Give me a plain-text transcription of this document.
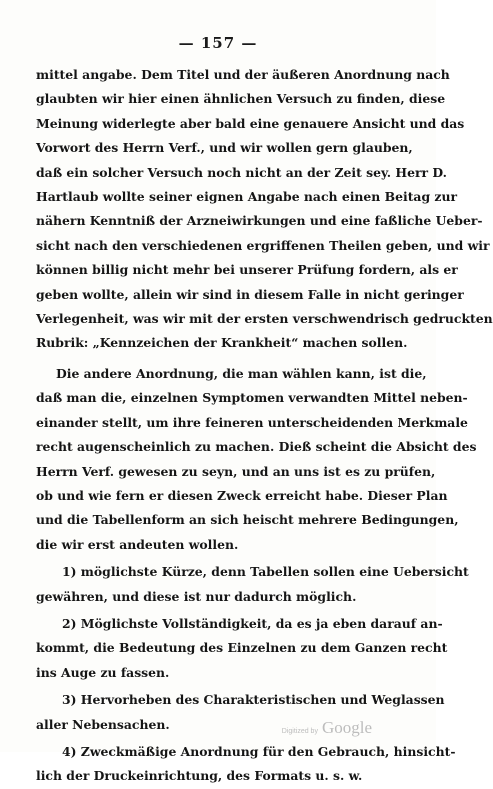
— 157 —
mittel angabe. Dem Titel und der äußeren Anordnung nach
glaubten wir hier einen ähnlichen Versuch zu finden, diese
Meinung widerlegte aber bald eine genauere Ansicht und das
Vorwort des Herrn Verf., und wir wollen gern glauben,
daß ein solcher Versuch noch nicht an der Zeit sey. Herr D.
Hartlaub wollte seiner eignen Angabe nach einen Beitag zur
nähern Kenntniß der Arzneiwirkungen und eine faßliche Ueber-
sicht nach den verschiedenen ergriffenen Theilen geben, und wir
können billig nicht mehr bei unserer Prüfung fordern, als er
geben wollte, allein wir sind in diesem Falle in nicht geringer
Verlegenheit, was wir mit der ersten verschwendrisch gedruckten
Rubrik: „Kennzeichen der Krankheit“ machen sollen.
Die andere Anordnung, die man wählen kann, ist die,
daß man die, einzelnen Symptomen verwandten Mittel neben-
einander stellt, um ihre feineren unterscheidenden Merkmale
recht augenscheinlich zu machen. Dieß scheint die Absicht des
Herrn Verf. gewesen zu seyn, und an uns ist es zu prüfen,
ob und wie fern er diesen Zweck erreicht habe. Dieser Plan
und die Tabellenform an sich heischt mehrere Bedingungen,
die wir erst andeuten wollen.
1) möglichste Kürze, denn Tabellen sollen eine Uebersicht
gewähren, und diese ist nur dadurch möglich.
2) Möglichste Vollständigkeit, da es ja eben darauf an-
kommt, die Bedeutung des Einzelnen zu dem Ganzen recht
ins Auge zu fassen.
3) Hervorheben des Charakteristischen und Weglassen
aller Nebensachen.
4) Zweckmäßige Anordnung für den Gebrauch, hinsicht-
lich der Druckeinrichtung, des Formats u. s. w.
Digitized by Google
